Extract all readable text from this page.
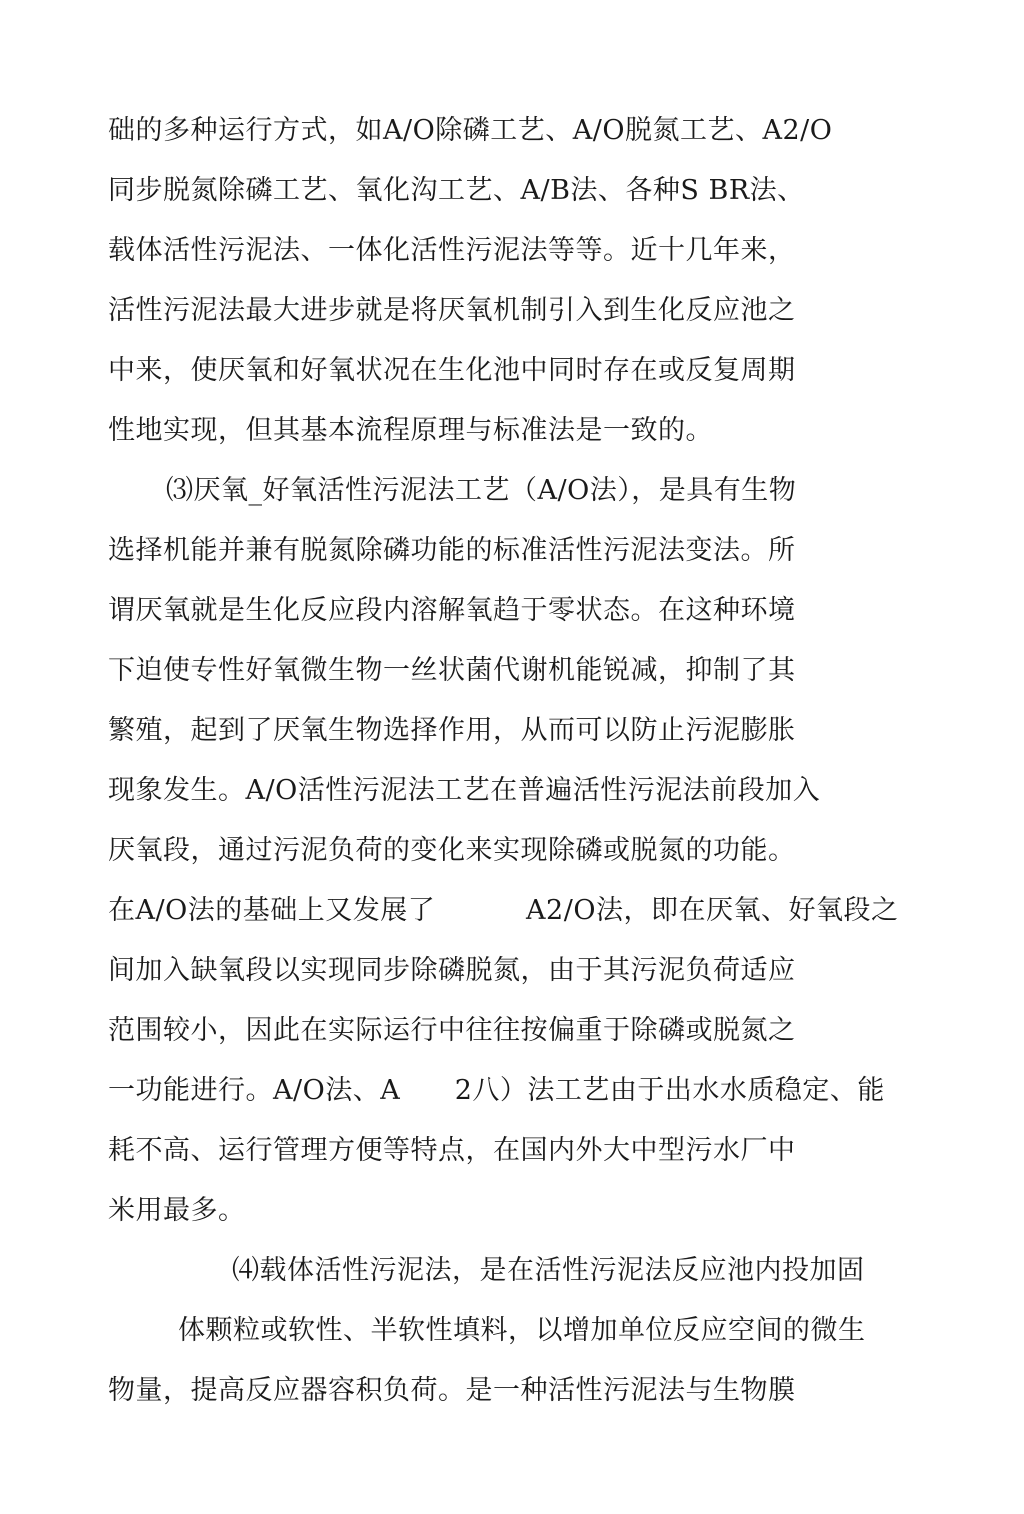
础的多种运行方式，如A/O除磷工艺、A/O脱氮工艺、A2/O
同步脱氮除磷工艺、氧化沟工艺、A/B法、各种S BR法、
载体活性污泥法、一体化活性污泥法等等。近十几年来，
活性污泥法最大进步就是将厌氧机制引入到生化反应池之
中来，使厌氧和好氧状况在生化池中同时存在或反复周期
性地实现，但其基本流程原理与标准法是一致的。
⑶厌氧_好氧活性污泥法工艺（A/O法），是具有生物
选择机能并兼有脱氮除磷功能的标准活性污泥法变法。所
谓厌氧就是生化反应段内溶解氧趋于零状态。在这种环境
下迫使专性好氧微生物一丝状菌代谢机能锐减，抑制了其
繁殖，起到了厌氧生物选择作用，从而可以防止污泥膨胀
现象发生。A/O活性污泥法工艺在普遍活性污泥法前段加入
厌氧段，通过污泥负荷的变化来实现除磷或脱氮的功能。
在A/O法的基础上又发展了          A2/O法，即在厌氧、好氧段之
间加入缺氧段以实现同步除磷脱氮，由于其污泥负荷适应
范围较小，因此在实际运行中往往按偏重于除磷或脱氮之
一功能进行。A/O法、A      2八）法工艺由于出水水质稳定、能
耗不高、运行管理方便等特点，在国内外大中型污水厂中
米用最多。
⑷载体活性污泥法，是在活性污泥法反应池内投加固
体颗粒或软性、半软性填料，以增加单位反应空间的微生
物量，提高反应器容积负荷。是一种活性污泥法与生物膜
